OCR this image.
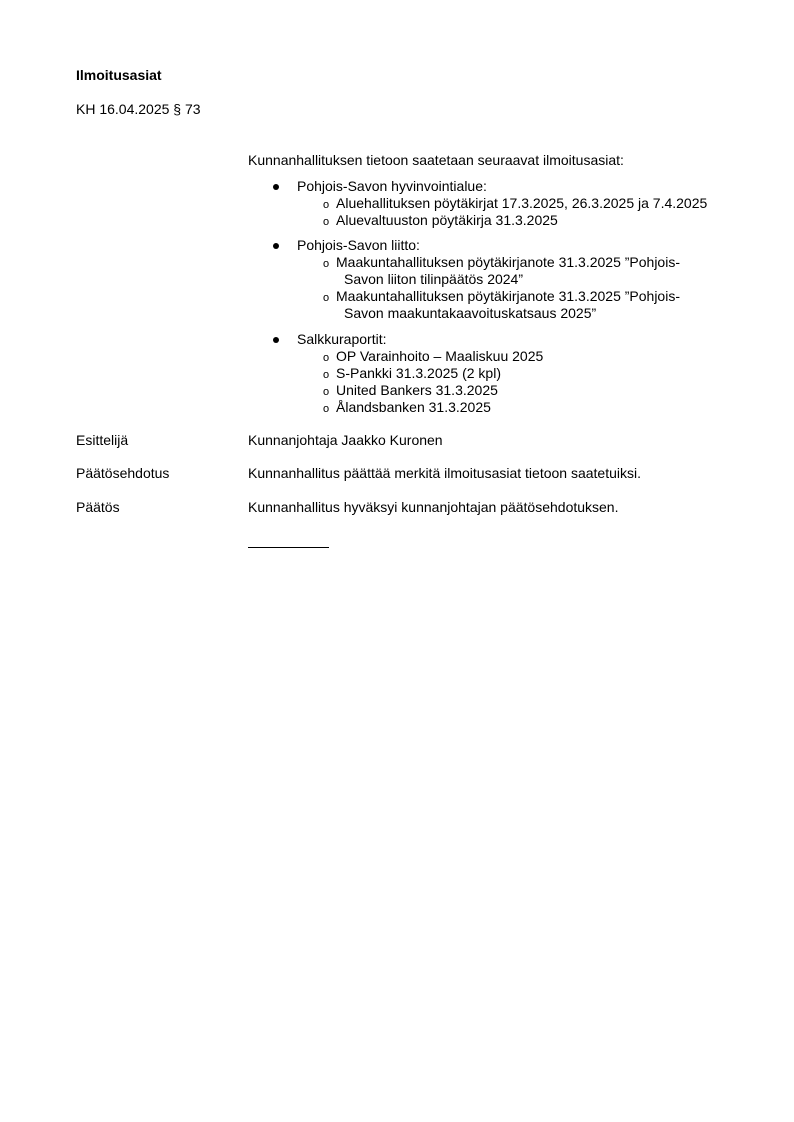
Ilmoitusasiat
KH 16.04.2025 § 73
Kunnanhallituksen tietoon saatetaan seuraavat ilmoitusasiat:
Pohjois-Savon hyvinvointialue:
o Aluehallituksen pöytäkirjat 17.3.2025, 26.3.2025 ja 7.4.2025
o Aluevaltuuston pöytäkirja 31.3.2025
Pohjois-Savon liitto:
o Maakuntahallituksen pöytäkirjanote 31.3.2025 ”Pohjois-
Savon liiton tilinpäätös 2024”
o Maakuntahallituksen pöytäkirjanote 31.3.2025 ”Pohjois-
Savon maakuntakaavoituskatsaus 2025”
Salkkuraportit:
o OP Varainhoito – Maaliskuu 2025
o S-Pankki 31.3.2025 (2 kpl)
o United Bankers 31.3.2025
o Ålandsbanken 31.3.2025
Esittelijä	Kunnanjohtaja Jaakko Kuronen
Päätösehdotus	Kunnanhallitus päättää merkitä ilmoitusasiat tietoon saatetuiksi.
Päätös	Kunnanhallitus hyväksyi kunnanjohtajan päätösehdotuksen.
